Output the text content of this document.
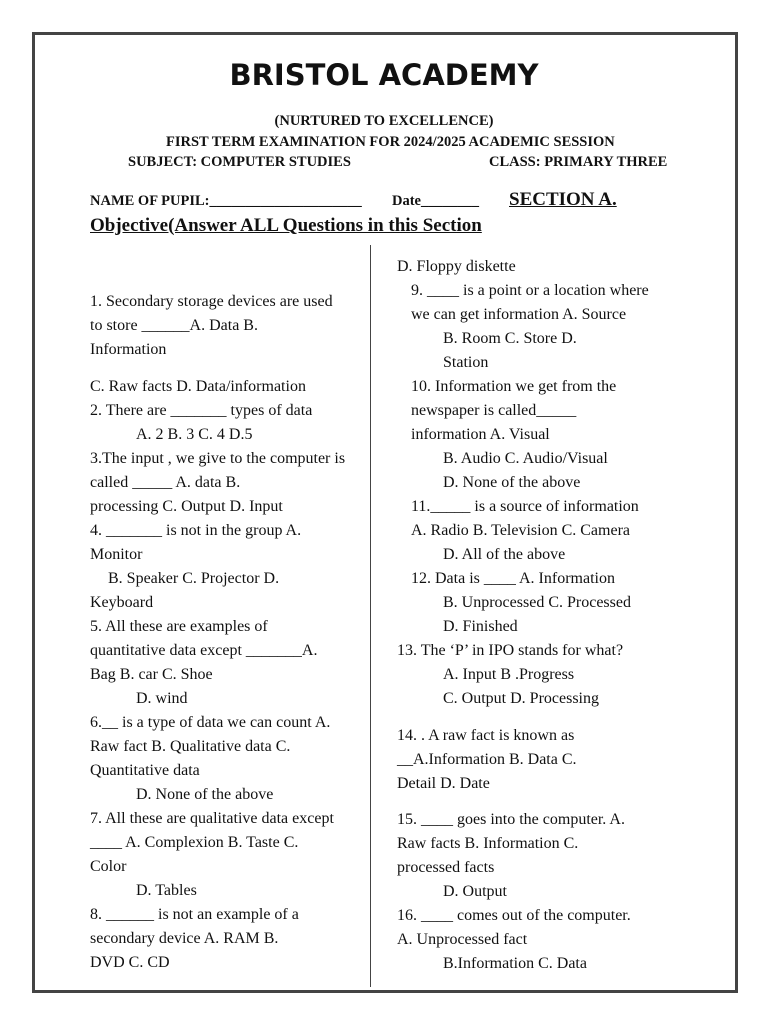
BRISTOL ACADEMY
(NURTURED TO EXCELLENCE)
FIRST TERM EXAMINATION FOR 2024/2025 ACADEMIC SESSION
SUBJECT: COMPUTER STUDIES	CLASS: PRIMARY THREE
NAME OF PUPIL:_____________________ Date________ SECTION A.
Objective(Answer ALL Questions in this Section
1. Secondary storage devices are used
to store ______A. Data B.
Information
C. Raw facts D. Data/information
2. There are _______ types of data
A. 2 B. 3 C. 4 D.5
3.The input , we give to the computer is
called _____ A. data B.
processing C. Output D. Input
4. _______ is not in the group A.
Monitor
B. Speaker C. Projector D.
Keyboard
5. All these are examples of
quantitative data except _______A.
Bag B. car C. Shoe
D. wind
6.__ is a type of data we can count A.
Raw fact B. Qualitative data C.
Quantitative data
D. None of the above
7. All these are qualitative data except
____ A. Complexion B. Taste C.
Color
D. Tables
8. ______ is not an example of a
secondary device A. RAM B.
DVD C. CD
D. Floppy diskette
9. ____ is a point or a location where
we can get information A. Source
B. Room C. Store D.
Station
10. Information we get from the
newspaper is called_____
information A. Visual
B. Audio C. Audio/Visual
D. None of the above
11._____ is a source of information
A. Radio B. Television C. Camera
D. All of the above
12. Data is ____ A. Information
B. Unprocessed C. Processed
D. Finished
13. The ‘P’ in IPO stands for what?
A. Input B .Progress
C. Output D. Processing
14. . A raw fact is known as
__A.Information B. Data C.
Detail D. Date
15. ____ goes into the computer. A.
Raw facts B. Information C.
processed facts
D. Output
16. ____ comes out of the computer.
A. Unprocessed fact
B.Information C. Data
